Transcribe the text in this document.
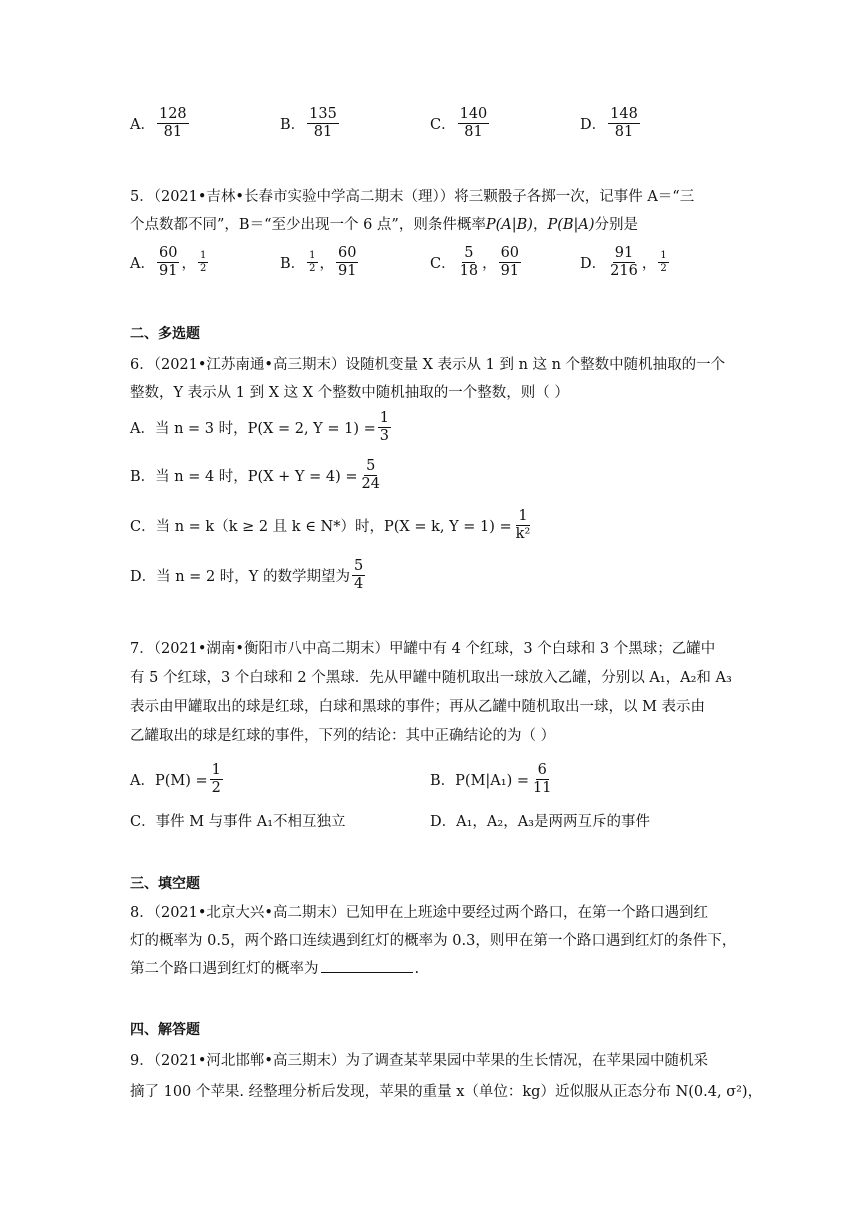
A． $\frac{128}{81}$	B． $\frac{135}{81}$	C． $\frac{140}{81}$	D． $\frac{148}{81}$
5．（2021•吉林•长春市实验中学高二期末（理））将三颗骰子各掷一次，记事件 A＝“三
个点数都不同”，B＝“至少出现一个 6 点”，则条件概率P(A|B)，P(B|A)分别是
A． $\frac{60}{91}$ ， $\frac{1}{2}$	B． $\frac{1}{2}$ ， $\frac{60}{91}$	C． $\frac{5}{18}$ ， $\frac{60}{91}$	D． $\frac{91}{216}$ ， $\frac{1}{2}$
二、多选题
6．（2021•江苏南通•高三期末）设随机变量 X 表示从 1 到 n 这 n 个整数中随机抽取的一个
整数，Y 表示从 1 到 X 这 X 个整数中随机抽取的一个整数，则（ ）
A．当 n = 3 时，P(X = 2, $Y = 1) = \frac{1}{3}$
B．当 n = 4 时，$P(X + Y = 4) = \frac{5}{24}$
C．当 n = k（k ≥ 2 且 k ∈ N*）时，P(X = k, $Y = 1) = \frac{1}{\text{k²}}$
D．当 n = 2 时，Y 的数学期望为 $\frac{5}{4}$
7．（2021•湖南•衡阳市八中高二期末）甲罐中有 4 个红球，3 个白球和 3 个黑球；乙罐中
有 5 个红球，3 个白球和 2 个黑球．先从甲罐中随机取出一球放入乙罐，分别以 A₁，A₂和 A₃
表示由甲罐取出的球是红球，白球和黑球的事件；再从乙罐中随机取出一球，以 M 表示由
乙罐取出的球是红球的事件，下列的结论：其中正确结论的为（ ）
A．$P(M) = \frac{1}{2}$	B．$P(M|A_1) = \frac{6}{11}$
C．事件 M 与事件 A₁不相互独立	D．A₁，A₂，A₃是两两互斥的事件
三、填空题
8．（2021•北京大兴•高二期末）已知甲在上班途中要经过两个路口，在第一个路口遇到红
灯的概率为 0.5，两个路口连续遇到红灯的概率为 0.3，则甲在第一个路口遇到红灯的条件下，
第二个路口遇到红灯的概率为	.
四、解答题
9．（2021•河北邯郸•高三期末）为了调查某苹果园中苹果的生长情况，在苹果园中随机采
摘了 100 个苹果. 经整理分析后发现，苹果的重量 x（单位：kg）近似服从正态分布 N(0.4, σ²)，
